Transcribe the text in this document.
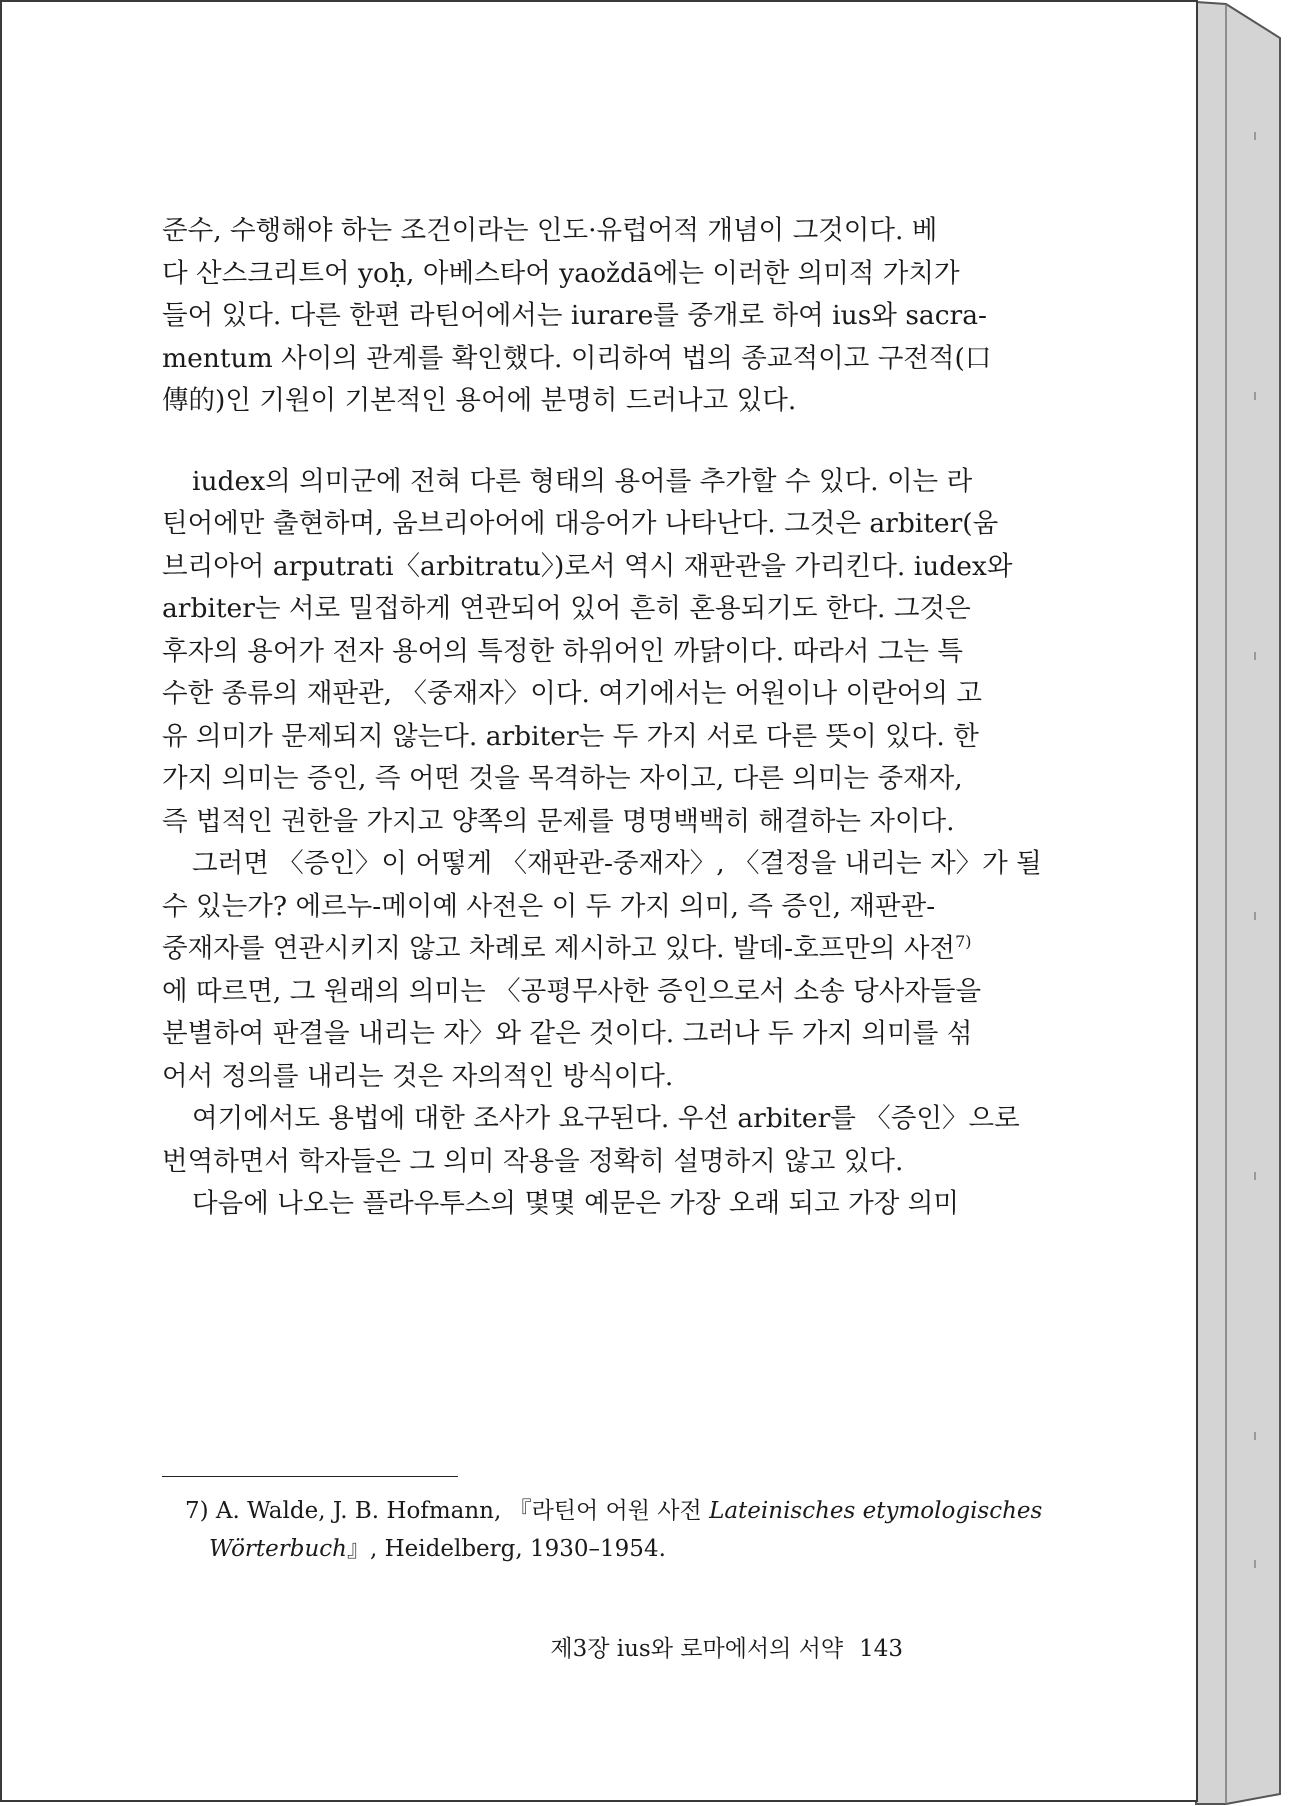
준수, 수행해야 하는 조건이라는 인도·유럽어적 개념이 그것이다. 베
다 산스크리트어 yoḥ, 아베스타어 yaoždā에는 이러한 의미적 가치가
들어 있다. 다른 한편 라틴어에서는 iurare를 중개로 하여 ius와 sacra-
mentum 사이의 관계를 확인했다. 이리하여 법의 종교적이고 구전적(口
傳的)인 기원이 기본적인 용어에 분명히 드러나고 있다.

iudex의 의미군에 전혀 다른 형태의 용어를 추가할 수 있다. 이는 라
틴어에만 출현하며, 움브리아어에 대응어가 나타난다. 그것은 arbiter(움
브리아어 arputrati〈arbitratu〉)로서 역시 재판관을 가리킨다. iudex와
arbiter는 서로 밀접하게 연관되어 있어 흔히 혼용되기도 한다. 그것은
후자의 용어가 전자 용어의 특정한 하위어인 까닭이다. 따라서 그는 특
수한 종류의 재판관, 〈중재자〉이다. 여기에서는 어원이나 이란어의 고
유 의미가 문제되지 않는다. arbiter는 두 가지 서로 다른 뜻이 있다. 한
가지 의미는 증인, 즉 어떤 것을 목격하는 자이고, 다른 의미는 중재자,
즉 법적인 권한을 가지고 양쪽의 문제를 명명백백히 해결하는 자이다.

그러면 〈증인〉이 어떻게 〈재판관-중재자〉, 〈결정을 내리는 자〉가 될
수 있는가? 에르누-메이예 사전은 이 두 가지 의미, 즉 증인, 재판관-
중재자를 연관시키지 않고 차례로 제시하고 있다. 발데-호프만의 사전$^{7)}$
에 따르면, 그 원래의 의미는 〈공평무사한 증인으로서 소송 당사자들을
분별하여 판결을 내리는 자〉와 같은 것이다. 그러나 두 가지 의미를 섞
어서 정의를 내리는 것은 자의적인 방식이다.

여기에서도 용법에 대한 조사가 요구된다. 우선 arbiter를 〈증인〉으로
번역하면서 학자들은 그 의미 작용을 정확히 설명하지 않고 있다.

다음에 나오는 플라우투스의 몇몇 예문은 가장 오래 되고 가장 의미

7) A. Walde, J. B. Hofmann, 『라틴어 어원 사전 Lateinisches etymologisches
Wörterbuch』, Heidelberg, 1930–1954.
제3장 ius와 로마에서의 서약 143
